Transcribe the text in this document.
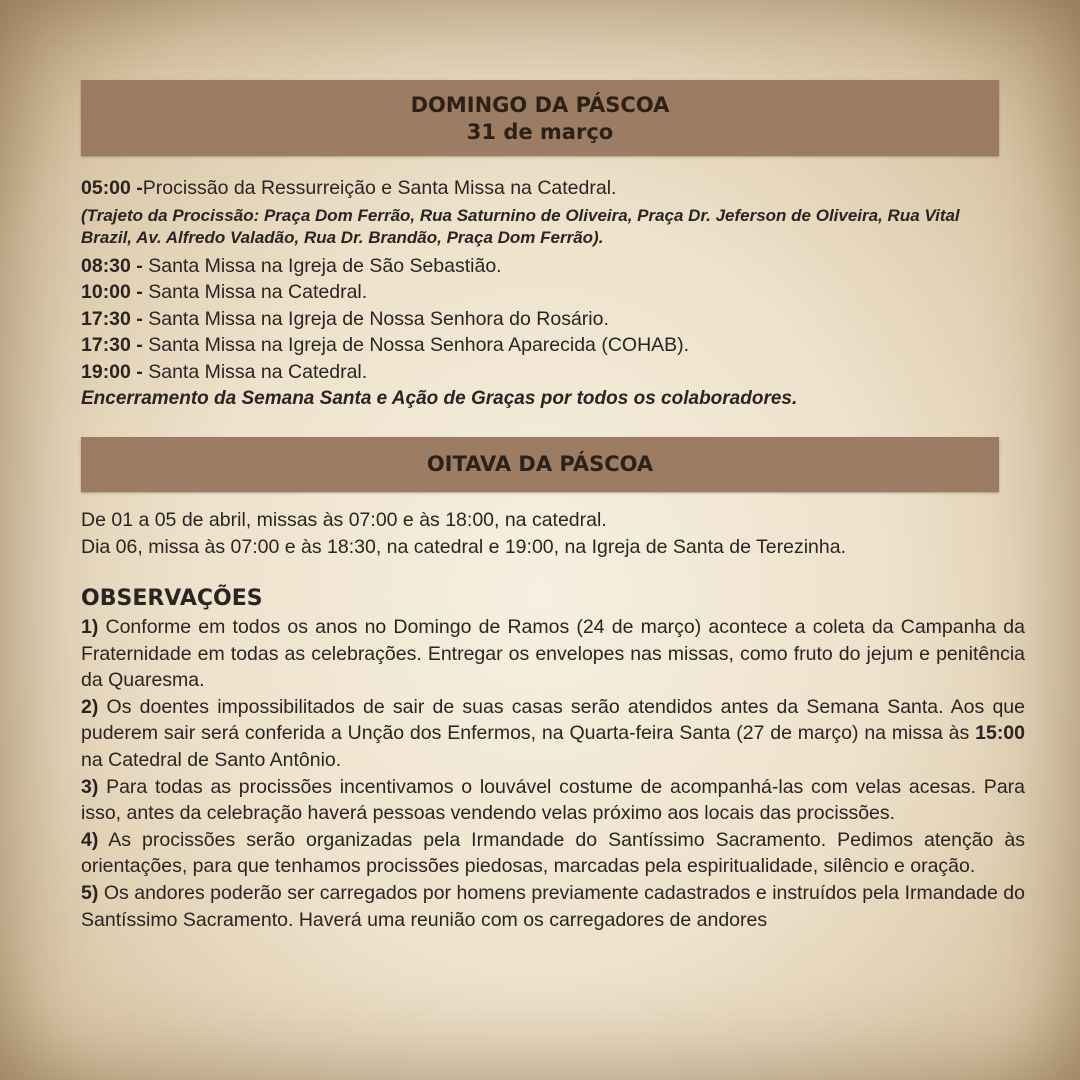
DOMINGO DA PÁSCOA
31 de março
05:00 -Procissão da Ressurreição e Santa Missa na Catedral.
(Trajeto da Procissão: Praça Dom Ferrão, Rua Saturnino de Oliveira, Praça Dr. Jeferson de Oliveira, Rua Vital Brazil, Av. Alfredo Valadão, Rua Dr. Brandão, Praça Dom Ferrão).
08:30 - Santa Missa na Igreja de São Sebastião.
10:00 - Santa Missa na Catedral.
17:30 - Santa Missa na Igreja de Nossa Senhora do Rosário.
17:30 - Santa Missa na Igreja de Nossa Senhora Aparecida (COHAB).
19:00 - Santa Missa na Catedral.
Encerramento da Semana Santa e Ação de Graças por todos os colaboradores.
OITAVA DA PÁSCOA
De 01 a 05 de abril, missas às 07:00 e às 18:00, na catedral.
Dia 06, missa às 07:00 e às 18:30, na catedral e 19:00, na Igreja de Santa de Terezinha.
OBSERVAÇÕES
1) Conforme em todos os anos no Domingo de Ramos (24 de março) acontece a coleta da Campanha da Fraternidade em todas as celebrações. Entregar os envelopes nas missas, como fruto do jejum e penitência da Quaresma.
2) Os doentes impossibilitados de sair de suas casas serão atendidos antes da Semana Santa. Aos que puderem sair será conferida a Unção dos Enfermos, na Quarta-feira Santa (27 de março) na missa às 15:00 na Catedral de Santo Antônio.
3) Para todas as procissões incentivamos o louvável costume de acompanhá-las com velas acesas. Para isso, antes da celebração haverá pessoas vendendo velas próximo aos locais das procissões.
4) As procissões serão organizadas pela Irmandade do Santíssimo Sacramento. Pedimos atenção às orientações, para que tenhamos procissões piedosas, marcadas pela espiritualidade, silêncio e oração.
5) Os andores poderão ser carregados por homens previamente cadastrados e instruídos pela Irmandade do Santíssimo Sacramento. Haverá uma reunião com os carregadores de andores
